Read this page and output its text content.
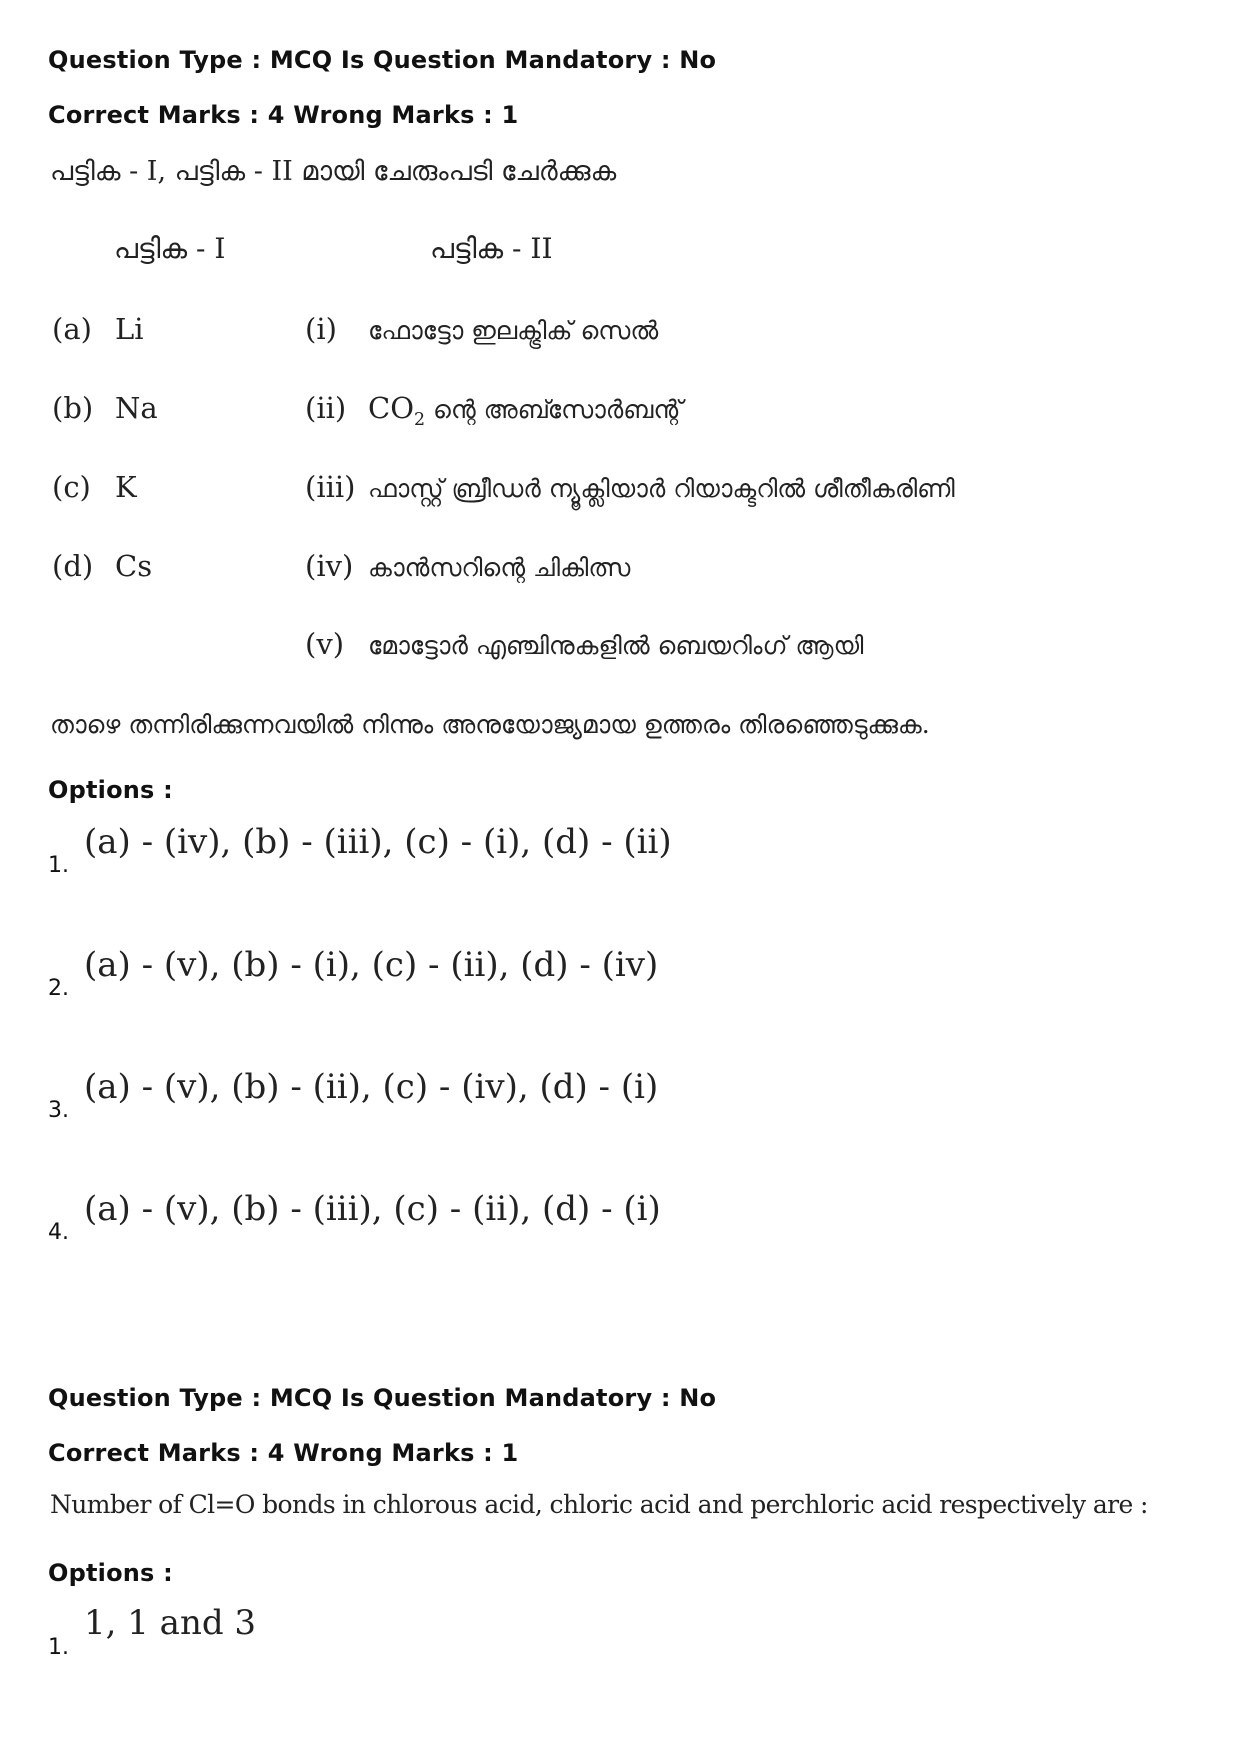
Question Type : MCQ Is Question Mandatory : No
Correct Marks : 4 Wrong Marks : 1
പട്ടിക - I, പട്ടിക - II മായി ചേരുംപടി ചേർക്കുക
പട്ടിക - I	പട്ടിക - II
(a) Li
(b) Na
(c) K
(d) Cs
(i) ഫോട്ടോ ഇലക്ട്രിക് സെൽ
(ii) $CO_2$ ന്റെ അബ്സോർബന്റ്
(iii) ഫാസ്റ്റ് ബ്രീഡർ ന്യൂക്ലിയാർ റിയാക്ടറിൽ ശീതീകരിണി
(iv) കാൻസറിന്റെ ചികിത്സ
(v) മോട്ടോർ എഞ്ചിനുകളിൽ ബെയറിംഗ് ആയി
താഴെ തന്നിരിക്കുന്നവയിൽ നിന്നും അനുയോജ്യമായ ഉത്തരം തിരഞ്ഞെടുക്കുക.
Options :
1.
(a) - (iv), (b) - (iii), (c) - (i), (d) - (ii)
2.
(a) - (v), (b) - (i), (c) - (ii), (d) - (iv)
3.
(a) - (v), (b) - (ii), (c) - (iv), (d) - (i)
4.
(a) - (v), (b) - (iii), (c) - (ii), (d) - (i)
Question Type : MCQ Is Question Mandatory : No
Correct Marks : 4 Wrong Marks : 1
Number of Cl=O bonds in chlorous acid, chloric acid and perchloric acid respectively are :
Options :
1.
1, 1 and 3
